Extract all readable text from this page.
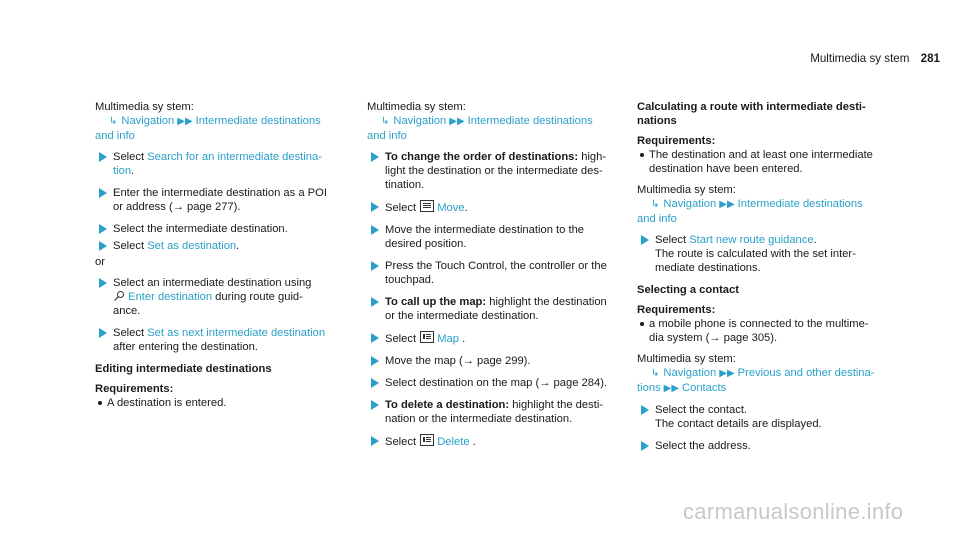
Multimedia sy stem 281

Multimedia sy stem:

↳ Navigation ▶▶ Intermediate destinations

and info

Select Search for an intermediate destina-

tion.

Enter the intermediate destination as a POI

or address (→ page 277).

Select the intermediate destination.

Select Set as destination.

or

Select an intermediate destination using

Enter destination during route guid-

ance.

Select Set as next intermediate destination

after entering the destination.

Editing intermediate destinations

Requirements:

A destination is entered.

Multimedia sy stem:

↳ Navigation ▶▶ Intermediate destinations

and info

To change the order of destinations: high-

light the destination or the intermediate des-

tination.

Select Move.

Move the intermediate destination to the

desired position.

Press the Touch Control, the controller or the

touchpad.

To call up the map: highlight the destination

or the intermediate destination.

Select Map .

Move the map (→ page 299).

Select destination on the map (→ page 284).

To delete a destination: highlight the desti-

nation or the intermediate destination.

Select Delete .

Calculating a route with intermediate desti-

nations

Requirements:

The destination and at least one intermediate

destination have been entered.

Multimedia sy stem:

↳ Navigation ▶▶ Intermediate destinations

and info

Select Start new route guidance.

The route is calculated with the set inter-

mediate destinations.

Selecting a contact

Requirements:

a mobile phone is connected to the multime-

dia system (→ page 305).

Multimedia sy stem:

↳ Navigation ▶▶ Previous and other destina-

tions ▶▶ Contacts

Select the contact.

The contact details are displayed.

Select the address.

carmanualsonline.info
